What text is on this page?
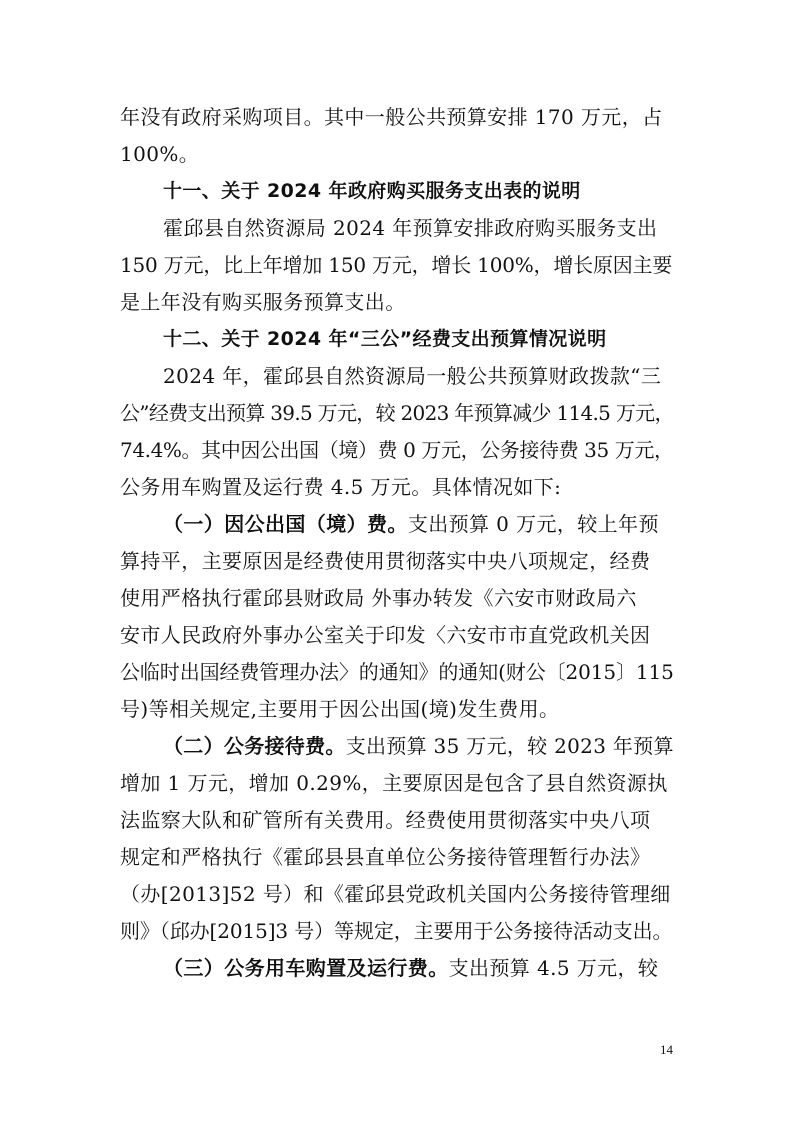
年没有政府采购项目。其中一般公共预算安排 170 万元，占
100%。
十一、关于 2024 年政府购买服务支出表的说明
霍邱县自然资源局 2024 年预算安排政府购买服务支出
150 万元，比上年增加 150 万元，增长 100%，增长原因主要
是上年没有购买服务预算支出。
十二、关于 2024 年“三公”经费支出预算情况说明
2024 年，霍邱县自然资源局一般公共预算财政拨款“三
公”经费支出预算 39.5 万元，较 2023 年预算减少 114.5 万元，
74.4%。其中因公出国（境）费 0 万元，公务接待费 35 万元，
公务用车购置及运行费 4.5 万元。具体情况如下:
（一）因公出国（境）费。支出预算 0 万元，较上年预
算持平，主要原因是经费使用贯彻落实中央八项规定，经费
使用严格执行霍邱县财政局 外事办转发《六安市财政局六
安市人民政府外事办公室关于印发〈六安市市直党政机关因
公临时出国经费管理办法〉的通知》的通知(财公〔2015〕115
号)等相关规定,主要用于因公出国(境)发生费用。
（二）公务接待费。支出预算 35 万元，较 2023 年预算
增加 1 万元，增加 0.29%，主要原因是包含了县自然资源执
法监察大队和矿管所有关费用。经费使用贯彻落实中央八项
规定和严格执行《霍邱县县直单位公务接待管理暂行办法》
（办[2013]52 号）和《霍邱县党政机关国内公务接待管理细
则》（邱办[2015]3 号）等规定，主要用于公务接待活动支出。
（三）公务用车购置及运行费。支出预算 4.5 万元，较
14
